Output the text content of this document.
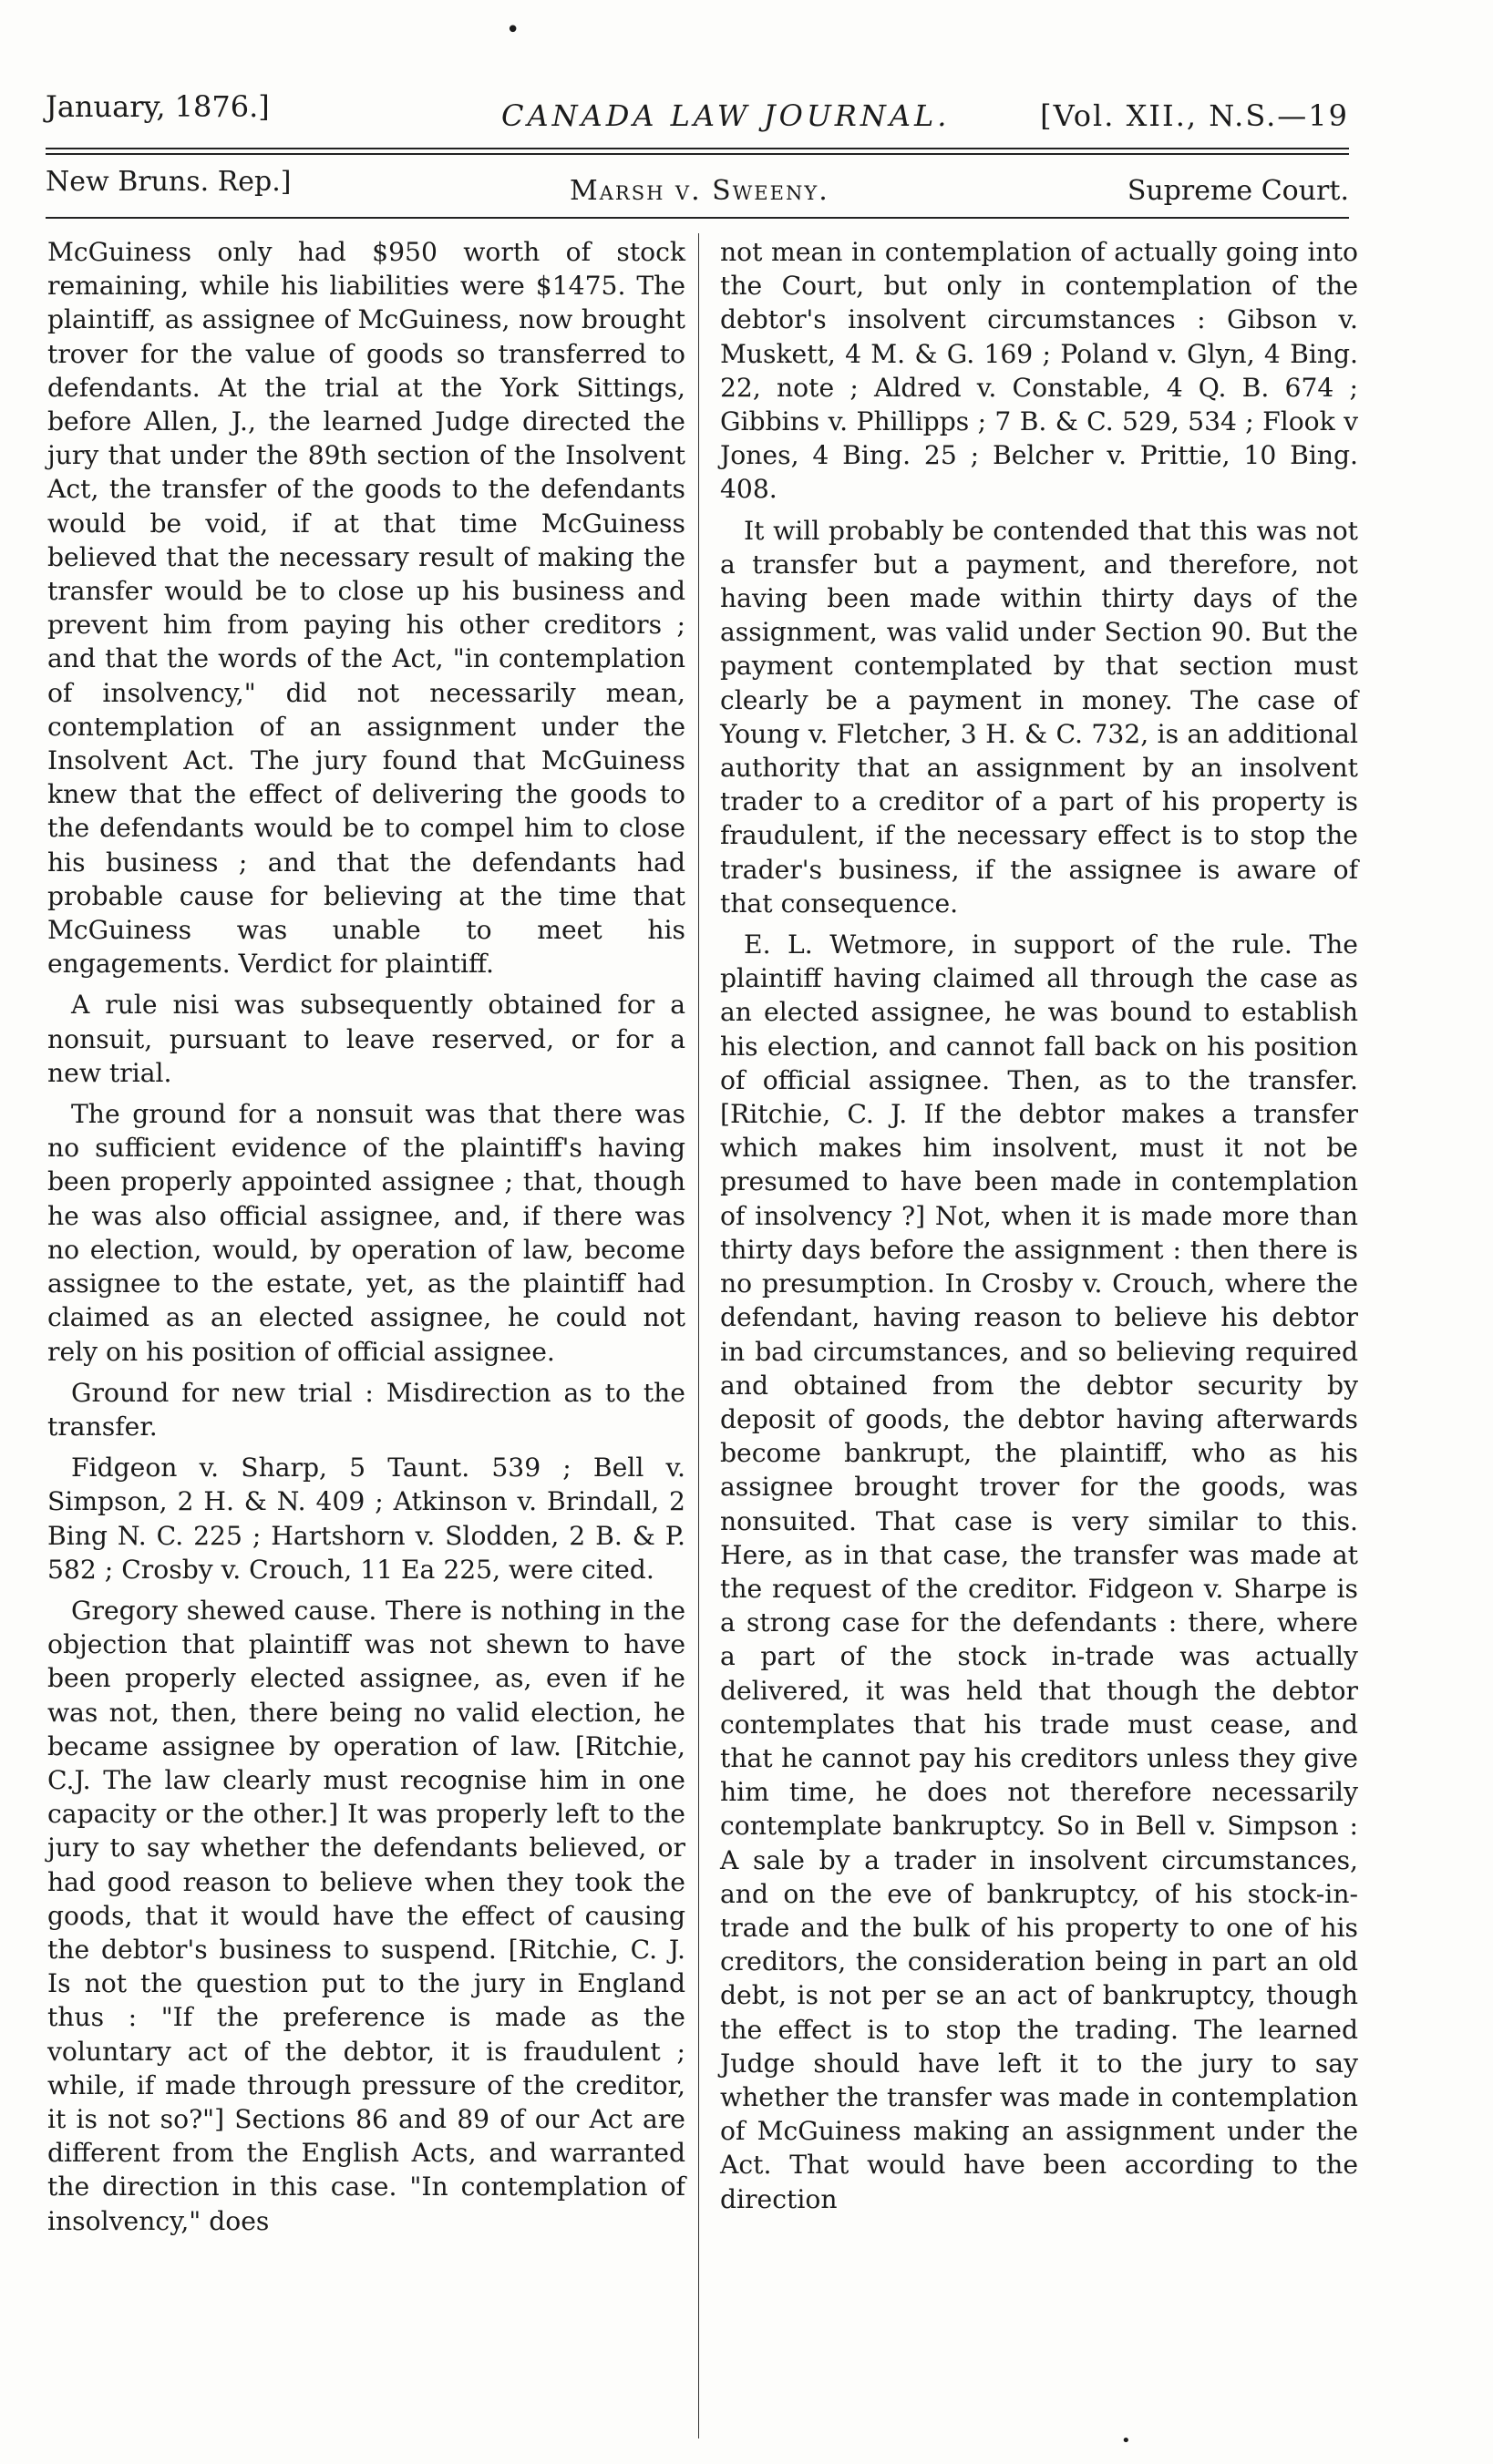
•
January, 1876.]	CANADA LAW JOURNAL.	[Vol. XII., N.S.—19
New Bruns. Rep.]	Marsh v. Sweeny.	Supreme Court.

McGuiness only had $950 worth of stock remaining, while his liabilities were $1475. The plaintiff, as assignee of McGuiness, now brought trover for the value of goods so transferred to defendants. At the trial at the York Sittings, before Allen, J., the learned Judge directed the jury that under the 89th section of the Insolvent Act, the transfer of the goods to the defendants would be void, if at that time McGuiness believed that the necessary result of making the transfer would be to close up his business and prevent him from paying his other creditors ; and that the words of the Act, "in contemplation of insolvency," did not necessarily mean, contemplation of an assignment under the Insolvent Act. The jury found that McGuiness knew that the effect of delivering the goods to the defendants would be to compel him to close his business ; and that the defendants had probable cause for believing at the time that McGuiness was unable to meet his engagements. Verdict for plaintiff.

A rule nisi was subsequently obtained for a nonsuit, pursuant to leave reserved, or for a new trial.

The ground for a nonsuit was that there was no sufficient evidence of the plaintiff's having been properly appointed assignee ; that, though he was also official assignee, and, if there was no election, would, by operation of law, become assignee to the estate, yet, as the plaintiff had claimed as an elected assignee, he could not rely on his position of official assignee.

Ground for new trial : Misdirection as to the transfer.

Fidgeon v. Sharp, 5 Taunt. 539 ; Bell v. Simpson, 2 H. & N. 409 ; Atkinson v. Brindall, 2 Bing N. C. 225 ; Hartshorn v. Slodden, 2 B. & P. 582 ; Crosby v. Crouch, 11 Ea 225, were cited.

Gregory shewed cause. There is nothing in the objection that plaintiff was not shewn to have been properly elected assignee, as, even if he was not, then, there being no valid election, he became assignee by operation of law. [Ritchie, C.J. The law clearly must recognise him in one capacity or the other.] It was properly left to the jury to say whether the defendants believed, or had good reason to believe when they took the goods, that it would have the effect of causing the debtor's business to suspend. [Ritchie, C. J. Is not the question put to the jury in England thus : "If the preference is made as the voluntary act of the debtor, it is fraudulent ; while, if made through pressure of the creditor, it is not so?"] Sections 86 and 89 of our Act are different from the English Acts, and warranted the direction in this case. "In contemplation of insolvency," does

not mean in contemplation of actually going into the Court, but only in contemplation of the debtor's insolvent circumstances : Gibson v. Muskett, 4 M. & G. 169 ; Poland v. Glyn, 4 Bing. 22, note ; Aldred v. Constable, 4 Q. B. 674 ; Gibbins v. Phillipps ; 7 B. & C. 529, 534 ; Flook v Jones, 4 Bing. 25 ; Belcher v. Prittie, 10 Bing. 408.

It will probably be contended that this was not a transfer but a payment, and therefore, not having been made within thirty days of the assignment, was valid under Section 90. But the payment contemplated by that section must clearly be a payment in money. The case of Young v. Fletcher, 3 H. & C. 732, is an additional authority that an assignment by an insolvent trader to a creditor of a part of his property is fraudulent, if the necessary effect is to stop the trader's business, if the assignee is aware of that consequence.

E. L. Wetmore, in support of the rule. The plaintiff having claimed all through the case as an elected assignee, he was bound to establish his election, and cannot fall back on his position of official assignee. Then, as to the transfer. [Ritchie, C. J. If the debtor makes a transfer which makes him insolvent, must it not be presumed to have been made in contemplation of insolvency ?] Not, when it is made more than thirty days before the assignment : then there is no presumption. In Crosby v. Crouch, where the defendant, having reason to believe his debtor in bad circumstances, and so believing required and obtained from the debtor security by deposit of goods, the debtor having afterwards become bankrupt, the plaintiff, who as his assignee brought trover for the goods, was nonsuited. That case is very similar to this. Here, as in that case, the transfer was made at the request of the creditor. Fidgeon v. Sharpe is a strong case for the defendants : there, where a part of the stock in-trade was actually delivered, it was held that though the debtor contemplates that his trade must cease, and that he cannot pay his creditors unless they give him time, he does not therefore necessarily contemplate bankruptcy. So in Bell v. Simpson : A sale by a trader in insolvent circumstances, and on the eve of bankruptcy, of his stock-in-trade and the bulk of his property to one of his creditors, the consideration being in part an old debt, is not per se an act of bankruptcy, though the effect is to stop the trading. The learned Judge should have left it to the jury to say whether the transfer was made in contemplation of McGuiness making an assignment under the Act. That would have been according to the direction

•
